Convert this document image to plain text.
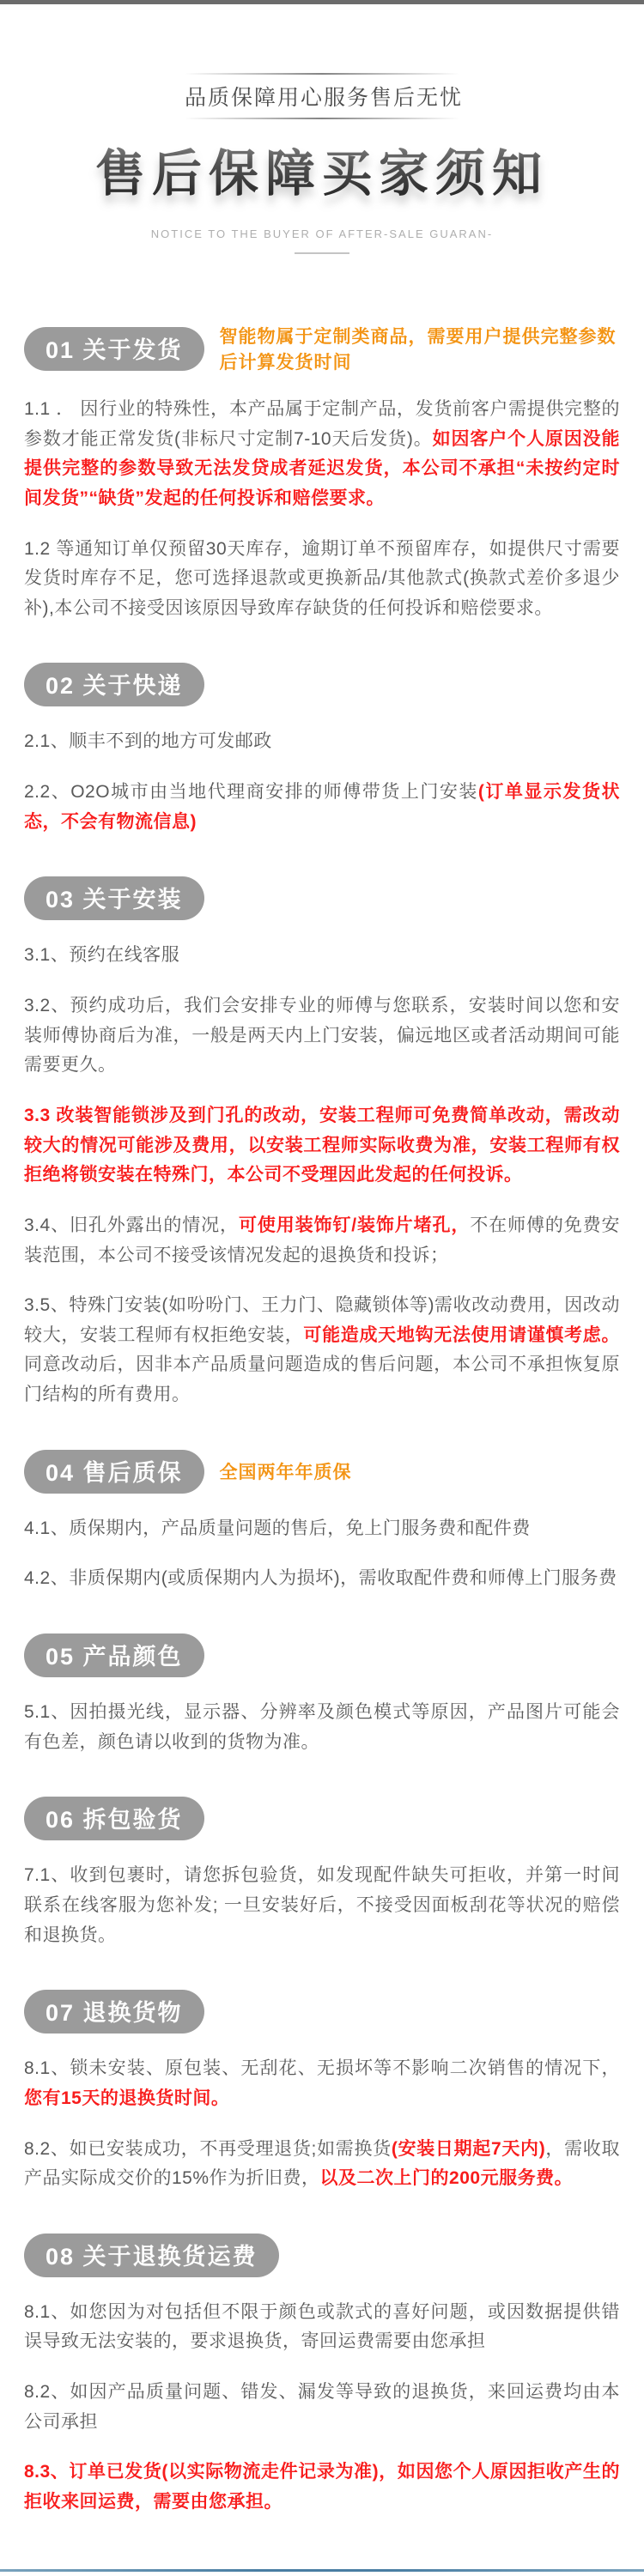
品质保障用心服务售后无忧
售后保障买家须知
NOTICE TO THE BUYER OF AFTER-SALE GUARAN-
01 关于发货	智能物属于定制类商品，需要用户提供完整参数后计算发货时间

1.1 ． 因行业的特殊性，本产品属于定制产品，发货前客户需提供完整的参数才能正常发货(非标尺寸定制7-10天后发货)。如因客户个人原因没能提供完整的参数导致无法发贷成者延迟发货，本公司不承担“未按约定时间发货”“缺货”发起的任何投诉和赔偿要求。

1.2 等通知订单仅预留30天库存，逾期订单不预留库存，如提供尺寸需要发货时库存不足，您可选择退款或更换新品/其他款式(换款式差价多退少补),本公司不接受因该原因导致库存缺货的任何投诉和赔偿要求。

02 关于快递

2.1、顺丰不到的地方可发邮政

2.2、O2O城市由当地代理商安排的师傅带货上门安装(订单显示发货状态，不会有物流信息)

03 关于安装

3.1、预约在线客服

3.2、预约成功后，我们会安排专业的师傅与您联系，安装时间以您和安装师傅协商后为准，一般是两天内上门安装，偏远地区或者活动期间可能需要更久。

3.3 改装智能锁涉及到门孔的改动，安装工程师可免费简单改动，需改动较大的情况可能涉及费用，以安装工程师实际收费为准，安装工程师有权拒绝将锁安装在特殊门，本公司不受理因此发起的任何投诉。

3.4、旧孔外露出的情况，可使用装饰钉/装饰片堵孔，不在师傅的免费安装范围，本公司不接受该情况发起的退换货和投诉；

3.5、特殊门安装(如吩吩门、王力门、隐藏锁体等)需收改动费用，因改动较大，安装工程师有权拒绝安装，可能造成天地钩无法使用请谨慎考虑。同意改动后，因非本产品质量问题造成的售后问题，本公司不承担恢复原门结构的所有费用。

04 售后质保	全国两年年质保

4.1、质保期内，产品质量问题的售后，免上门服务费和配件费

4.2、非质保期内(或质保期内人为损坏)，需收取配件费和师傅上门服务费

05 产品颜色

5.1、因拍摄光线，显示器、分辨率及颜色模式等原因，产品图片可能会有色差，颜色请以收到的货物为准。

06 拆包验货

7.1、收到包裹时，请您拆包验货，如发现配件缺失可拒收，并第一时间联系在线客服为您补发; 一旦安装好后，不接受因面板刮花等状况的赔偿和退换货。

07 退换货物

8.1、锁未安装、原包装、无刮花、无损坏等不影响二次销售的情况下，您有15天的退换货时间。

8.2、如已安装成功，不再受理退货;如需换货(安装日期起7天内)，需收取产品实际成交价的15%作为折旧费，以及二次上门的200元服务费。

08 关于退换货运费

8.1、如您因为对包括但不限于颜色或款式的喜好问题，或因数据提供错误导致无法安装的，要求退换货，寄回运费需要由您承担

8.2、如因产品质量问题、错发、漏发等导致的退换货，来回运费均由本公司承担

8.3、订单已发货(以实际物流走件记录为准)，如因您个人原因拒收产生的拒收来回运费，需要由您承担。
